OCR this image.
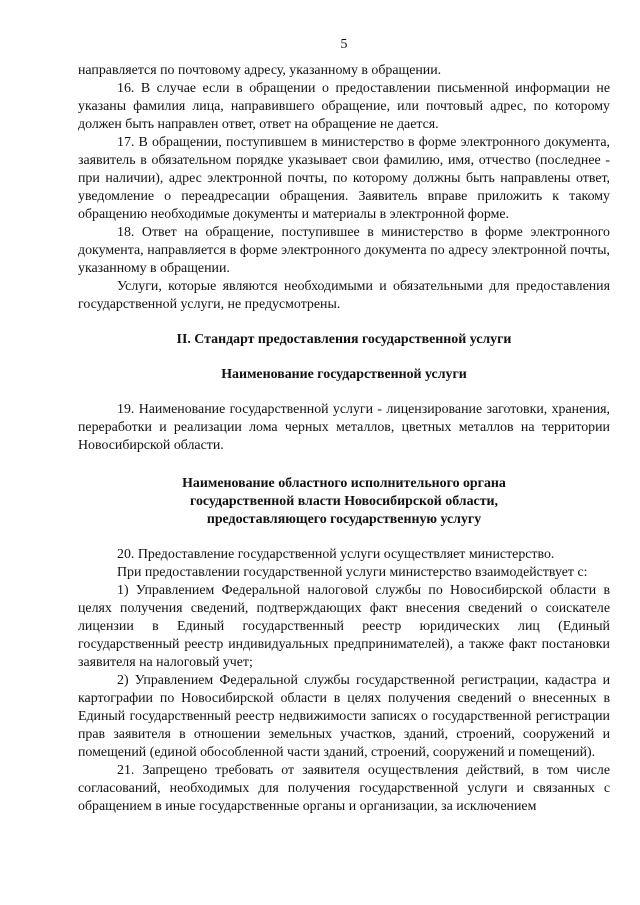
5

направляется по почтовому адресу, указанному в обращении.

16. В случае если в обращении о предоставлении письменной информации не указаны фамилия лица, направившего обращение, или почтовый адрес, по которому должен быть направлен ответ, ответ на обращение не дается.

17. В обращении, поступившем в министерство в форме электронного документа, заявитель в обязательном порядке указывает свои фамилию, имя, отчество (последнее - при наличии), адрес электронной почты, по которому должны быть направлены ответ, уведомление о переадресации обращения. Заявитель вправе приложить к такому обращению необходимые документы и материалы в электронной форме.

18. Ответ на обращение, поступившее в министерство в форме электронного документа, направляется в форме электронного документа по адресу электронной почты, указанному в обращении.

Услуги, которые являются необходимыми и обязательными для предоставления государственной услуги, не предусмотрены.

II. Стандарт предоставления государственной услуги
Наименование государственной услуги

19. Наименование государственной услуги - лицензирование заготовки, хранения, переработки и реализации лома черных металлов, цветных металлов на территории Новосибирской области.

Наименование областного исполнительного органа
государственной власти Новосибирской области,
предоставляющего государственную услугу

20. Предоставление государственной услуги осуществляет министерство.

При предоставлении государственной услуги министерство взаимодействует с:

1) Управлением Федеральной налоговой службы по Новосибирской области в целях получения сведений, подтверждающих факт внесения сведений о соискателе лицензии в Единый государственный реестр юридических лиц (Единый государственный реестр индивидуальных предпринимателей), а также факт постановки заявителя на налоговый учет;

2) Управлением Федеральной службы государственной регистрации, кадастра и картографии по Новосибирской области в целях получения сведений о внесенных в Единый государственный реестр недвижимости записях о государственной регистрации прав заявителя в отношении земельных участков, зданий, строений, сооружений и помещений (единой обособленной части зданий, строений, сооружений и помещений).

21. Запрещено требовать от заявителя осуществления действий, в том числе согласований, необходимых для получения государственной услуги и связанных с обращением в иные государственные органы и организации, за исключением
